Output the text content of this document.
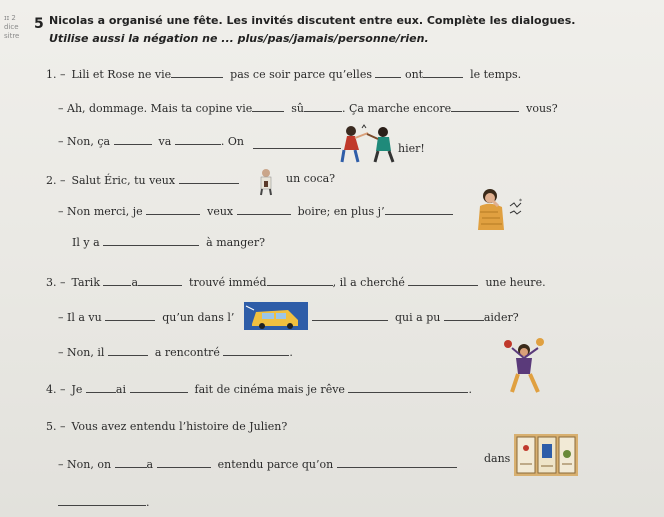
ɪɪ 2
dice
sitre
5 Nicolas a organisé une fête. Les invités discutent entre eux. Complète les dialogues.
Utilise aussi la négation ne ... plus/pas/jamais/personne/rien.

1. – Lili et Rose ne vie	pas ce soir parce qu’elles	ont	le temps.
– Ah, dommage. Mais ta copine vie	sû	. Ça marche encore	vous?
– Non, ça	va	. On
hier!
2. – Salut Éric, tu veux	un coca?
– Non merci, je	veux	boire; en plus j’
*
Il y a	à manger?
3. – Tarik	a	trouvé imméd	, il a cherché	une heure.
– Il a vu	qu’un dans l’	qui a pu	aider?
– Non, il	a rencontré	.
4. – Je	ai	fait de cinéma mais je rêve	.
5. – Vous avez entendu l’histoire de Julien?
– Non, on	a	entendu parce qu’on	dans
.
